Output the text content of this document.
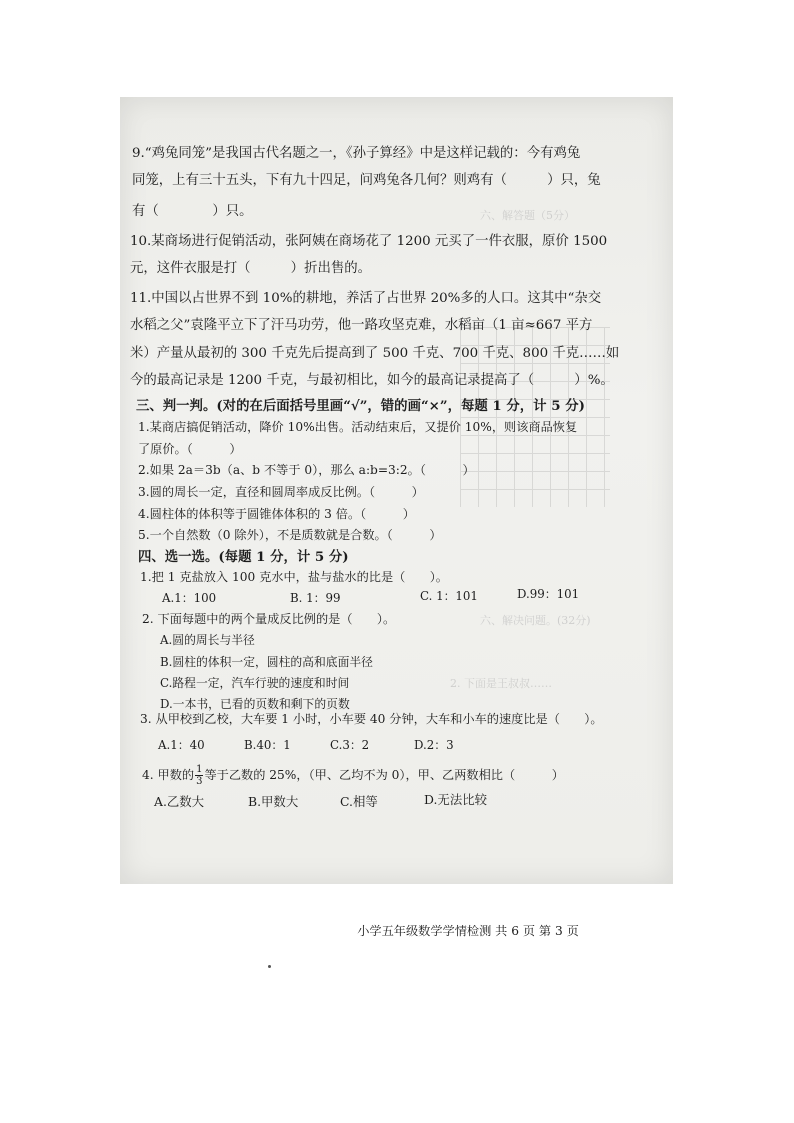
六、解答题（5分）
六、解决问题。(32分)
2. 下面是王叔叔……
9.“鸡兔同笼”是我国古代名题之一，《孙子算经》中是这样记载的：今有鸡兔
同笼，上有三十五头，下有九十四足，问鸡兔各几何？则鸡有（　　　）只，兔
有（　　　　）只。
10.某商场进行促销活动，张阿姨在商场花了 1200 元买了一件衣服，原价 1500
元，这件衣服是打（　　　）折出售的。
11.中国以占世界不到 10%的耕地，养活了占世界 20%多的人口。这其中“杂交
水稻之父”袁隆平立下了汗马功劳，他一路攻坚克难，水稻亩（1 亩≈667 平方
米）产量从最初的 300 千克先后提高到了 500 千克、700 千克、800 千克……如
今的最高记录是 1200 千克，与最初相比，如今的最高记录提高了（　　　）%。
三、判一判。(对的在后面括号里画“√”，错的画“×”，每题 1 分，计 5 分)
1.某商店搞促销活动，降价 10%出售。活动结束后，又提价 10%，则该商品恢复
了原价。（　　　）
2.如果 2a＝3b（a、b 不等于 0），那么 a:b=3:2。（　　　）
3.圆的周长一定，直径和圆周率成反比例。（　　　）
4.圆柱体的体积等于圆锥体体积的 3 倍。（　　　）
5.一个自然数（0 除外），不是质数就是合数。（　　　）
四、选一选。(每题 1 分，计 5 分)
1.把 1 克盐放入 100 克水中，盐与盐水的比是（　　）。
A.1：100	B. 1：99	C. 1：101	D.99：101
2. 下面每题中的两个量成反比例的是（　　）。
A.圆的周长与半径
B.圆柱的体积一定，圆柱的高和底面半径
C.路程一定，汽车行驶的速度和时间
D.一本书，已看的页数和剩下的页数
3. 从甲校到乙校，大车要 1 小时，小车要 40 分钟，大车和小车的速度比是（　　）。
A.1：40	B.40：1	C.3：2	D.2：3
4. 甲数的 $\frac{1}{3}$ 等于乙数的 25%，（甲、乙均不为 0），甲、乙两数相比（　　　）
A.乙数大	B.甲数大	C.相等	D.无法比较
小学五年级数学学情检测 共 6 页 第 3 页
